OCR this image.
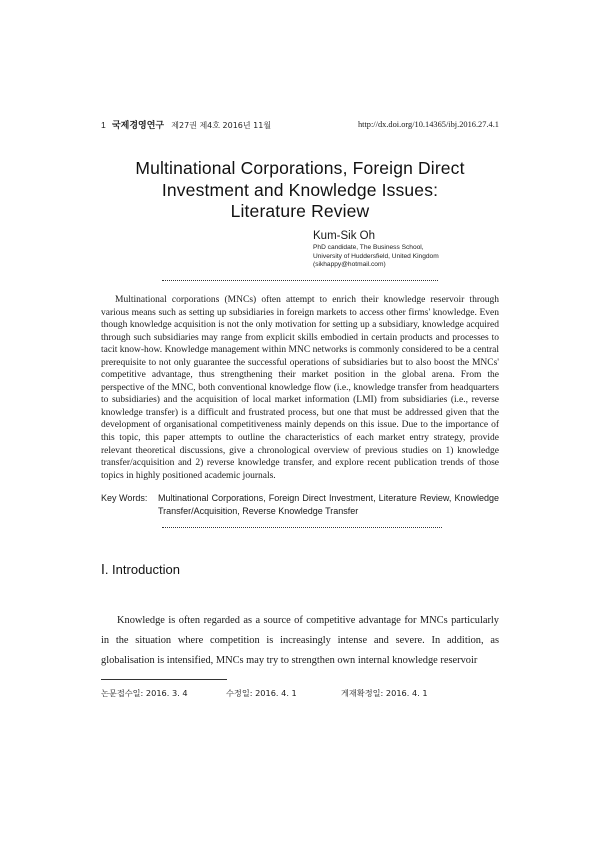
1 국제경영연구 제27권 제4호 2016년 11월	http://dx.doi.org/10.14365/ibj.2016.27.4.1
Multinational Corporations, Foreign Direct
Investment and Knowledge Issues:
Literature Review
Kum-Sik Oh
PhD candidate, The Business School,
University of Huddersfield, United Kingdom
(sikhappy@hotmail.com)
Multinational corporations (MNCs) often attempt to enrich their knowledge reservoir through various means such as setting up subsidiaries in foreign markets to access other firms' knowledge. Even though knowledge acquisition is not the only motivation for setting up a subsidiary, knowledge acquired through such subsidiaries may range from explicit skills embodied in certain products and processes to tacit know-how. Knowledge management within MNC networks is commonly considered to be a central prerequisite to not only guarantee the successful operations of subsidiaries but to also boost the MNCs' competitive advantage, thus strengthening their market position in the global arena. From the perspective of the MNC, both conventional knowledge flow (i.e., knowledge transfer from headquarters to subsidiaries) and the acquisition of local market information (LMI) from subsidiaries (i.e., reverse knowledge transfer) is a difficult and frustrated process, but one that must be addressed given that the development of organisational competitiveness mainly depends on this issue. Due to the importance of this topic, this paper attempts to outline the characteristics of each market entry strategy, provide relevant theoretical discussions, give a chronological overview of previous studies on 1) knowledge transfer/acquisition and 2) reverse knowledge transfer, and explore recent publication trends of those topics in highly positioned academic journals.
Key Words: Multinational Corporations, Foreign Direct Investment, Literature Review, Knowledge Transfer/Acquisition, Reverse Knowledge Transfer
Ⅰ. Introduction
Knowledge is often regarded as a source of competitive advantage for MNCs particularly in the situation where competition is increasingly intense and severe. In addition, as globalisation is intensified, MNCs may try to strengthen own internal knowledge reservoir
논문접수일: 2016. 3. 4	수정일: 2016. 4. 1	게재확정일: 2016. 4. 1
